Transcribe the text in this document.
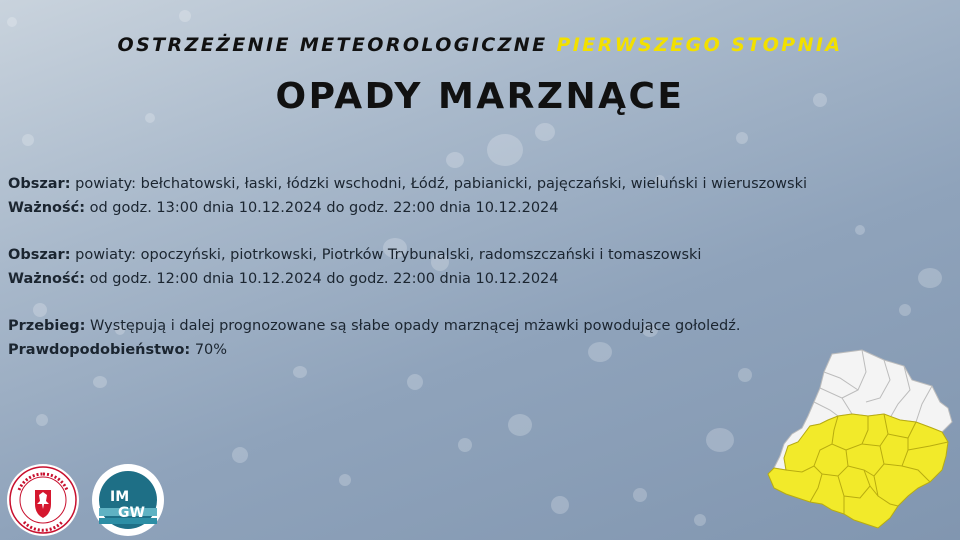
OSTRZEŻENIE METEOROLOGICZNE PIERWSZEGO STOPNIA
OPADY MARZNĄCE
Obszar: powiaty: bełchatowski, łaski, łódzki wschodni, Łódź, pabianicki, pajęczański, wieluński i wieruszowski
Ważność: od godz. 13:00 dnia 10.12.2024 do godz. 22:00 dnia 10.12.2024
Obszar: powiaty: opoczyński, piotrkowski, Piotrków Trybunalski, radomszczański i tomaszowski
Ważność: od godz. 12:00 dnia 10.12.2024 do godz. 22:00 dnia 10.12.2024
Przebieg: Występują i dalej prognozowane są słabe opady marznącej mżawki powodujące gołoledź.
Prawdopodobieństwo: 70%
IM
GW
